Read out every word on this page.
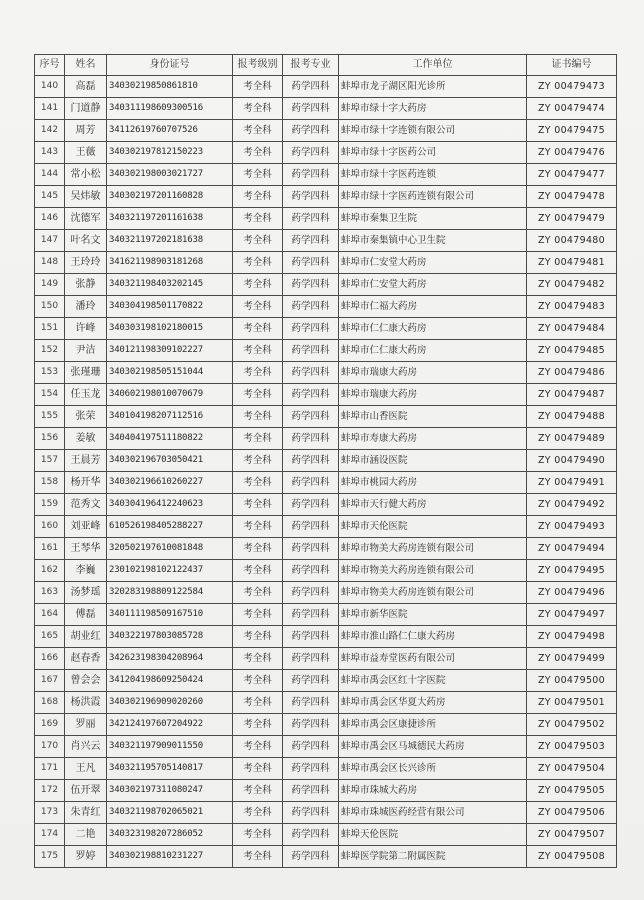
序号	姓名	身份证号	报考级别	报考专业	工作单位	证书编号
140	高磊	34030219850861810	考全科	药学四科	蚌埠市龙子湖区阳光诊所	ZY 00479473
141	门道静	340311198609300516	考全科	药学四科	蚌埠市绿十字大药房	ZY 00479474
142	周芳	34112619760707526	考全科	药学四科	蚌埠市绿十字连锁有限公司	ZY 00479475
143	王薇	340302197812150223	考全科	药学四科	蚌埠市绿十字医药公司	ZY 00479476
144	常小松	340302198003021727	考全科	药学四科	蚌埠市绿十字医药连锁	ZY 00479477
145	吴炜敏	340302197201160828	考全科	药学四科	蚌埠市绿十字医药连锁有限公司	ZY 00479478
146	沈德军	340321197201161638	考全科	药学四科	蚌埠市秦集卫生院	ZY 00479479
147	叶名文	340321197202181638	考全科	药学四科	蚌埠市秦集镇中心卫生院	ZY 00479480
148	王玲玲	341621198903181268	考全科	药学四科	蚌埠市仁安堂大药房	ZY 00479481
149	张静	340321198403202145	考全科	药学四科	蚌埠市仁安堂大药房	ZY 00479482
150	潘玲	340304198501170822	考全科	药学四科	蚌埠市仁福大药房	ZY 00479483
151	许峰	340303198102180015	考全科	药学四科	蚌埠市仁仁康大药房	ZY 00479484
152	尹洁	340121198309102227	考全科	药学四科	蚌埠市仁仁康大药房	ZY 00479485
153	张瑾珊	340302198505151044	考全科	药学四科	蚌埠市瑞康大药房	ZY 00479486
154	任玉龙	340602198010070679	考全科	药学四科	蚌埠市瑞康大药房	ZY 00479487
155	张荣	340104198207112516	考全科	药学四科	蚌埠市山香医院	ZY 00479488
156	姜敏	340404197511180822	考全科	药学四科	蚌埠市寿康大药房	ZY 00479489
157	王晨芳	340302196703050421	考全科	药学四科	蚌埠市涵设医院	ZY 00479490
158	杨开华	340302196610260227	考全科	药学四科	蚌埠市桃园大药房	ZY 00479491
159	范秀文	340304196412240623	考全科	药学四科	蚌埠市天行健大药房	ZY 00479492
160	刘亚峰	610526198405288227	考全科	药学四科	蚌埠市天伦医院	ZY 00479493
161	王琴华	320502197610081848	考全科	药学四科	蚌埠市物美大药房连锁有限公司	ZY 00479494
162	李巍	230102198102122437	考全科	药学四科	蚌埠市物美大药房连锁有限公司	ZY 00479495
163	汤梦瑶	320283198809122584	考全科	药学四科	蚌埠市物美大药房连锁有限公司	ZY 00479496
164	傅磊	340111198509167510	考全科	药学四科	蚌埠市新华医院	ZY 00479497
165	胡业红	340322197803085728	考全科	药学四科	蚌埠市淮山路仁仁康大药房	ZY 00479498
166	赵春香	342623198304208964	考全科	药学四科	蚌埠市益寿堂医药有限公司	ZY 00479499
167	曾会会	341204198609250424	考全科	药学四科	蚌埠市禹会区红十字医院	ZY 00479500
168	杨洪霞	340302196909020260	考全科	药学四科	蚌埠市禹会区华夏大药房	ZY 00479501
169	罗丽	342124197607204922	考全科	药学四科	蚌埠市禹会区康捷诊所	ZY 00479502
170	肖兴云	340321197909011550	考全科	药学四科	蚌埠市禹会区马城德民大药房	ZY 00479503
171	王凡	340321195705140817	考全科	药学四科	蚌埠市禹会区长兴诊所	ZY 00479504
172	伍开翠	340302197311080247	考全科	药学四科	蚌埠市珠城大药房	ZY 00479505
173	朱青红	340321198702065021	考全科	药学四科	蚌埠市珠城医药经营有限公司	ZY 00479506
174	二艳	340323198207286052	考全科	药学四科	蚌埠天伦医院	ZY 00479507
175	罗婷	340302198810231227	考全科	药学四科	蚌埠医学院第二附属医院	ZY 00479508
